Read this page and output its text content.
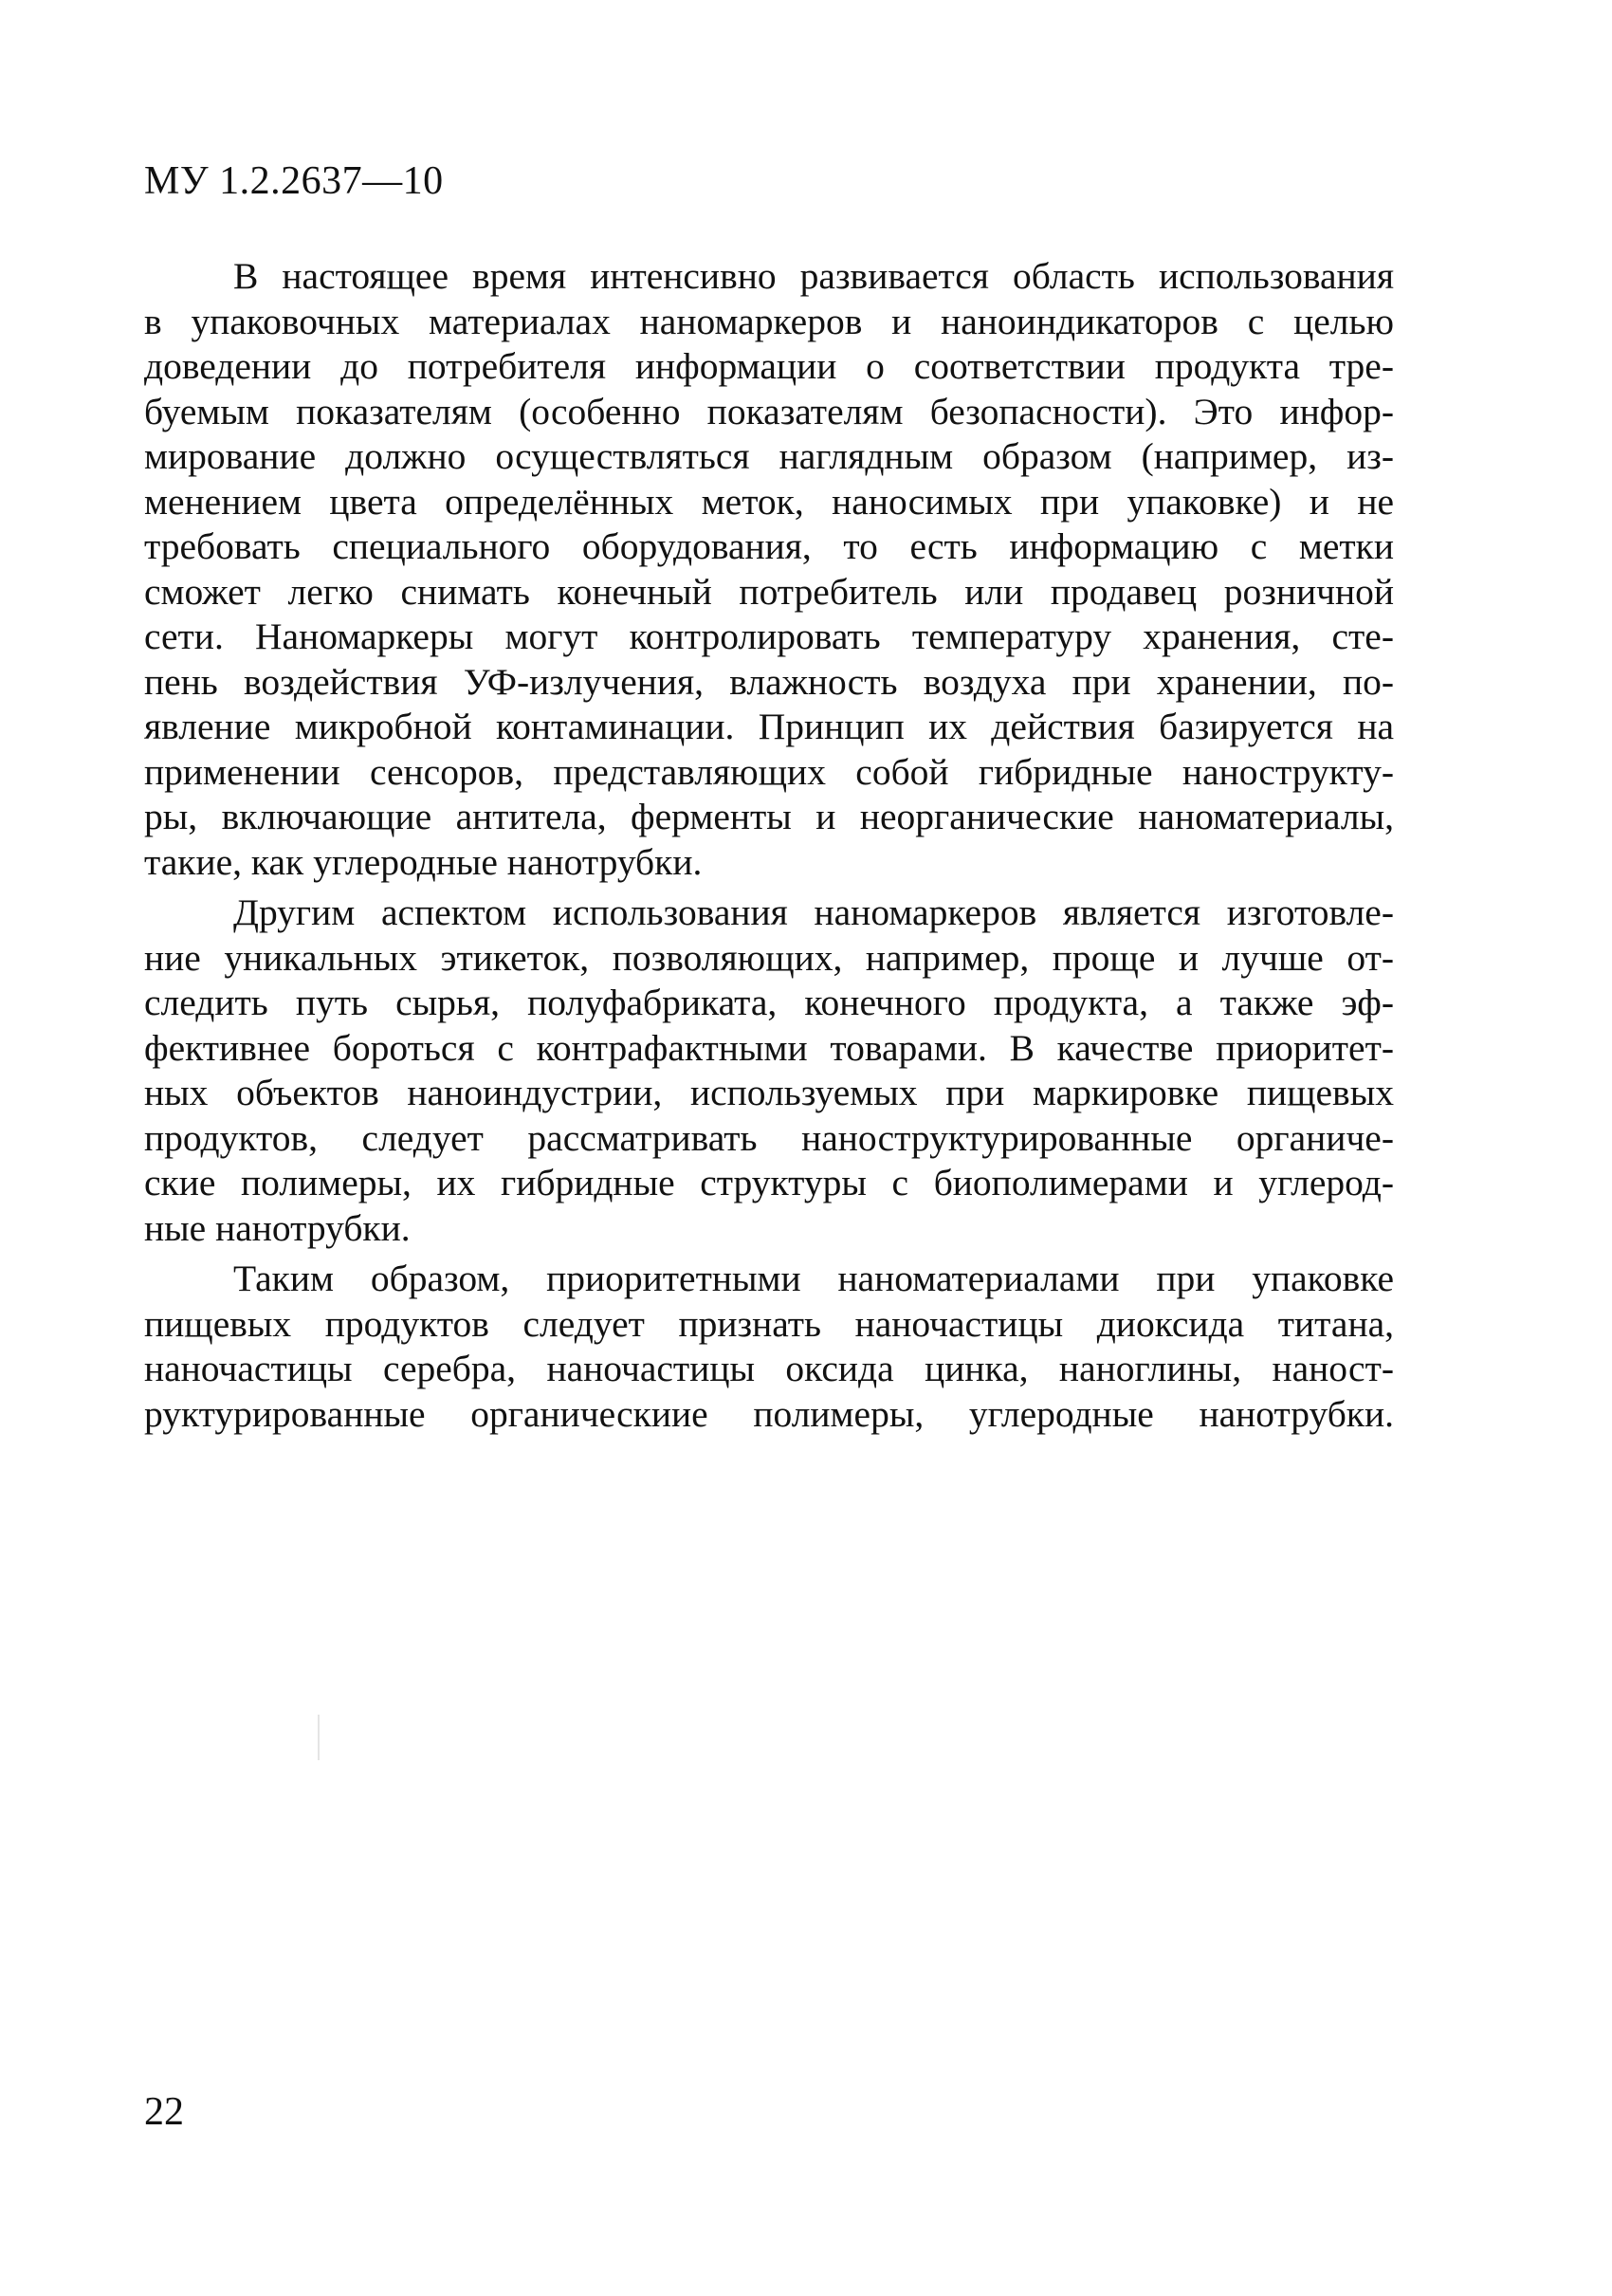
МУ 1.2.2637—10
В настоящее время интенсивно развивается область использования
в упаковочных материалах наномаркеров и наноиндикаторов с целью
доведении до потребителя информации о соответствии продукта тре-
буемым показателям (особенно показателям безопасности). Это инфор-
мирование должно осуществляться наглядным образом (например, из-
менением цвета определённых меток, наносимых при упаковке) и не
требовать специального оборудования, то есть информацию с метки
сможет легко снимать конечный потребитель или продавец розничной
сети. Наномаркеры могут контролировать температуру хранения, сте-
пень воздействия УФ-излучения, влажность воздуха при хранении, по-
явление микробной контаминации. Принцип их действия базируется на
применении сенсоров, представляющих собой гибридные нанострукту-
ры, включающие антитела, ферменты и неорганические наноматериалы,
такие, как углеродные нанотрубки.
Другим аспектом использования наномаркеров является изготовле-
ние уникальных этикеток, позволяющих, например, проще и лучше от-
следить путь сырья, полуфабриката, конечного продукта, а также эф-
фективнее бороться с контрафактными товарами. В качестве приоритет-
ных объектов наноиндустрии, используемых при маркировке пищевых
продуктов, следует рассматривать наноструктурированные органиче-
ские полимеры, их гибридные структуры с биополимерами и углерод-
ные нанотрубки.
Таким образом, приоритетными наноматериалами при упаковке
пищевых продуктов следует признать наночастицы диоксида титана,
наночастицы серебра, наночастицы оксида цинка, наноглины, наност-
руктурированные органическиие полимеры, углеродные нанотрубки.
22
